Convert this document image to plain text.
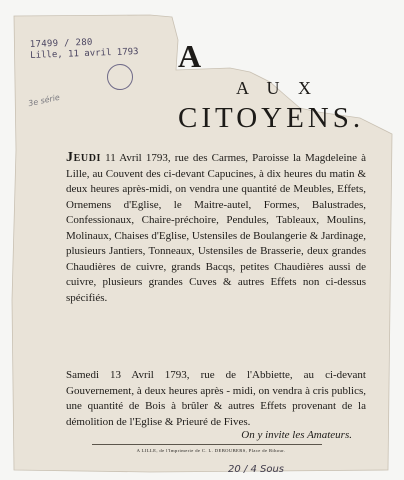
17499 / 280
Lille, 11 avril 1793
3e série
A
A U X
CITOYENS.

Jeudi 11 Avril 1793, rue des Carmes, Paroisse la Magdeleine à Lille, au Couvent des ci-devant Capucines, à dix heures du matin & deux heures après-midi, on vendra une quantité de Meubles, Effets, Ornemens d'Eglise, le Maitre-autel, Formes, Balustrades, Confessionaux, Chaire-préchoire, Pendules, Tableaux, Moulins, Molinaux, Chaises d'Eglise, Ustensiles de Boulangerie & Jardinage, plusieurs Jantiers, Tonneaux, Ustensiles de Brasserie, deux grandes Chaudières de cuivre, grands Bacqs, petites Chaudières aussi de cuivre, plusieurs grandes Cuves & autres Effets non ci-dessus spécifiés.

Samedi 13 Avril 1793, rue de l'Abbiette, au ci-devant Gouvernement, à deux heures après - midi, on vendra à cris publics, une quantité de Bois à brûler & autres Effets provenant de la démolition de l'Eglise & Prieuré de Fives.

On y invite les Amateurs.
A LILLE, de l'Imprimerie de C. L. DEBOUBERS, Place de Rihour.
20 / 4 Sous
